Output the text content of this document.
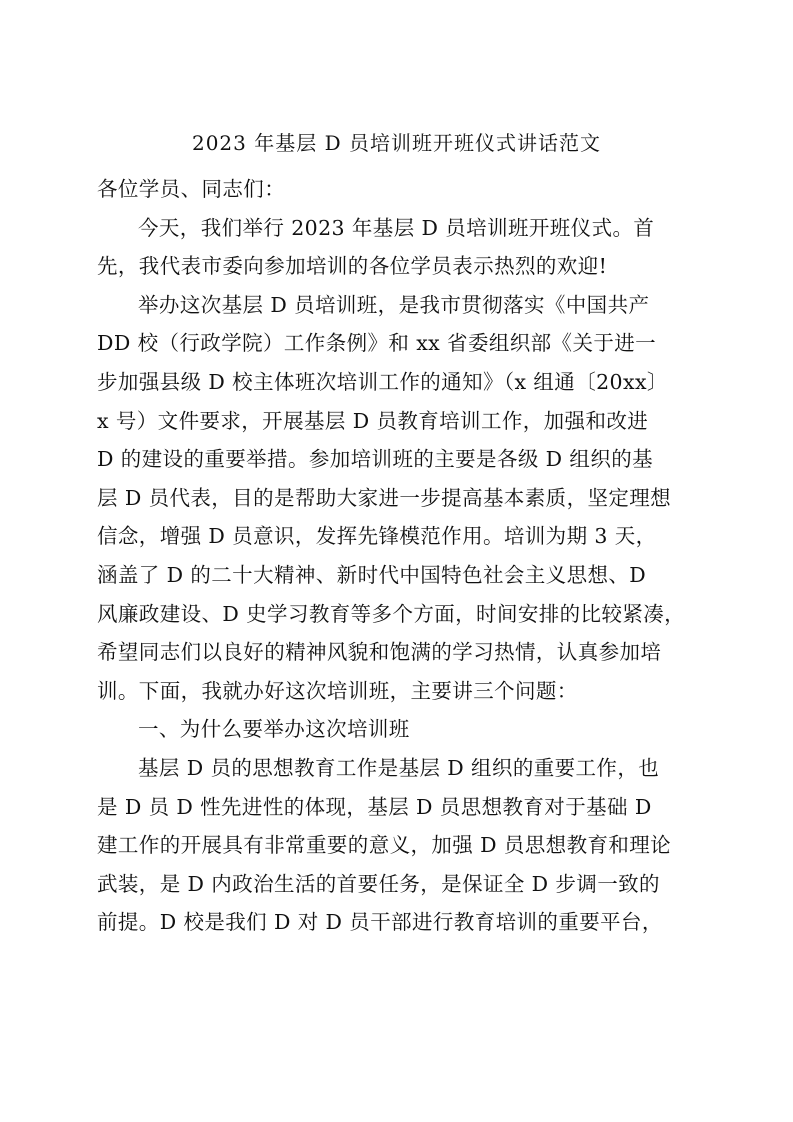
2023 年基层 D 员培训班开班仪式讲话范文
各位学员、同志们：
今天，我们举行 2023 年基层 D 员培训班开班仪式。首
先，我代表市委向参加培训的各位学员表示热烈的欢迎!
举办这次基层 D 员培训班，是我市贯彻落实《中国共产
DD 校（行政学院）工作条例》和 xx 省委组织部《关于进一
步加强县级 D 校主体班次培训工作的通知》（x 组通〔20xx〕
x 号）文件要求，开展基层 D 员教育培训工作，加强和改进
D 的建设的重要举措。参加培训班的主要是各级 D 组织的基
层 D 员代表，目的是帮助大家进一步提高基本素质，坚定理想
信念，增强 D 员意识，发挥先锋模范作用。培训为期 3 天，
涵盖了 D 的二十大精神、新时代中国特色社会主义思想、D
风廉政建设、D 史学习教育等多个方面，时间安排的比较紧凑，
希望同志们以良好的精神风貌和饱满的学习热情，认真参加培
训。下面，我就办好这次培训班，主要讲三个问题：
一、为什么要举办这次培训班
基层 D 员的思想教育工作是基层 D 组织的重要工作，也
是 D 员 D 性先进性的体现，基层 D 员思想教育对于基础 D
建工作的开展具有非常重要的意义，加强 D 员思想教育和理论
武装，是 D 内政治生活的首要任务，是保证全 D 步调一致的
前提。D 校是我们 D 对 D 员干部进行教育培训的重要平台，
